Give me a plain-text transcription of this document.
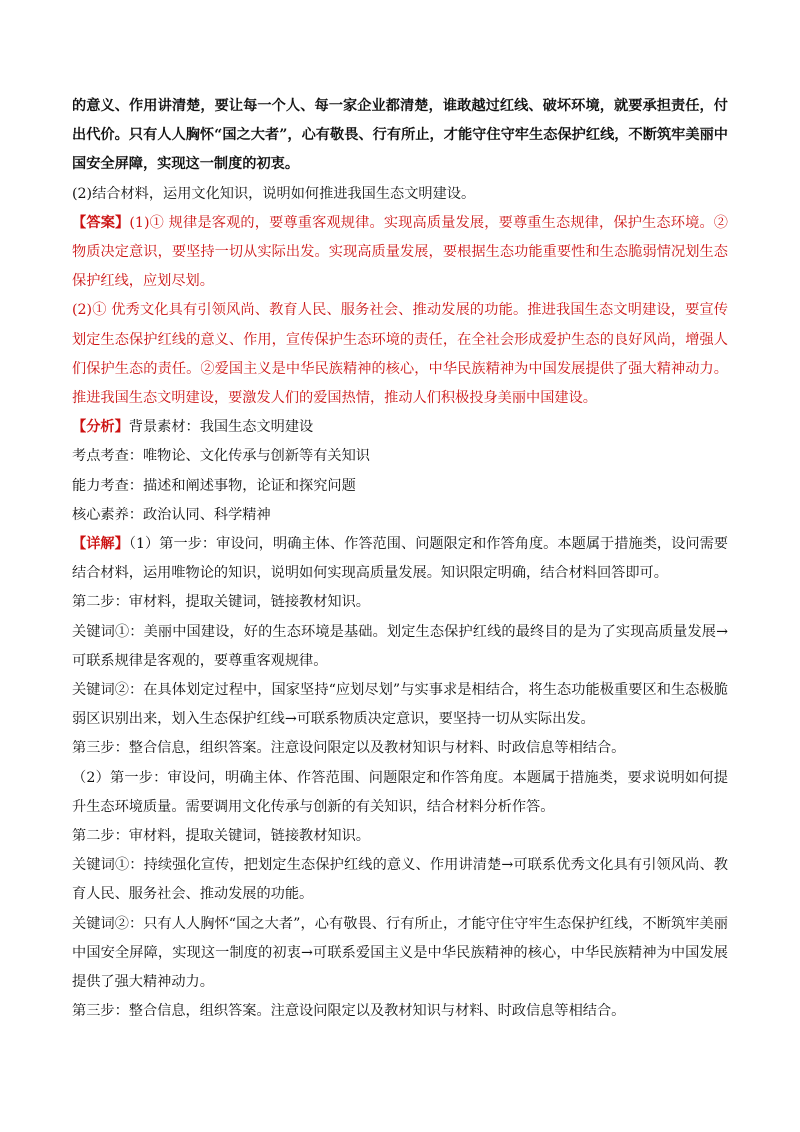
的意义、作用讲清楚，要让每一个人、每一家企业都清楚，谁敢越过红线、破坏环境，就要承担责任，付出代价。只有人人胸怀“国之大者”，心有敬畏、行有所止，才能守住守牢生态保护红线，不断筑牢美丽中国安全屏障，实现这一制度的初衷。

(2)结合材料，运用文化知识，说明如何推进我国生态文明建设。

【答案】(1)① 规律是客观的，要尊重客观规律。实现高质量发展，要尊重生态规律，保护生态环境。②物质决定意识，要坚持一切从实际出发。实现高质量发展，要根据生态功能重要性和生态脆弱情况划生态保护红线，应划尽划。

(2)① 优秀文化具有引领风尚、教育人民、服务社会、推动发展的功能。推进我国生态文明建设，要宣传划定生态保护红线的意义、作用，宣传保护生态环境的责任，在全社会形成爱护生态的良好风尚，增强人们保护生态的责任。②爱国主义是中华民族精神的核心，中华民族精神为中国发展提供了强大精神动力。推进我国生态文明建设，要激发人们的爱国热情，推动人们积极投身美丽中国建设。

【分析】背景素材：我国生态文明建设

考点考查：唯物论、文化传承与创新等有关知识

能力考查：描述和阐述事物，论证和探究问题

核心素养：政治认同、科学精神

【详解】（1）第一步：审设问，明确主体、作答范围、问题限定和作答角度。本题属于措施类，设问需要结合材料，运用唯物论的知识，说明如何实现高质量发展。知识限定明确，结合材料回答即可。

第二步：审材料，提取关键词，链接教材知识。

关键词①：美丽中国建设，好的生态环境是基础。划定生态保护红线的最终目的是为了实现高质量发展→可联系规律是客观的，要尊重客观规律。

关键词②：在具体划定过程中，国家坚持“应划尽划”与实事求是相结合，将生态功能极重要区和生态极脆弱区识别出来，划入生态保护红线→可联系物质决定意识，要坚持一切从实际出发。

第三步：整合信息，组织答案。注意设问限定以及教材知识与材料、时政信息等相结合。

（2）第一步：审设问，明确主体、作答范围、问题限定和作答角度。本题属于措施类，要求说明如何提升生态环境质量。需要调用文化传承与创新的有关知识，结合材料分析作答。

第二步：审材料，提取关键词，链接教材知识。

关键词①：持续强化宣传，把划定生态保护红线的意义、作用讲清楚→可联系优秀文化具有引领风尚、教育人民、服务社会、推动发展的功能。

关键词②：只有人人胸怀“国之大者”，心有敬畏、行有所止，才能守住守牢生态保护红线，不断筑牢美丽中国安全屏障，实现这一制度的初衷→可联系爱国主义是中华民族精神的核心，中华民族精神为中国发展提供了强大精神动力。

第三步：整合信息，组织答案。注意设问限定以及教材知识与材料、时政信息等相结合。
